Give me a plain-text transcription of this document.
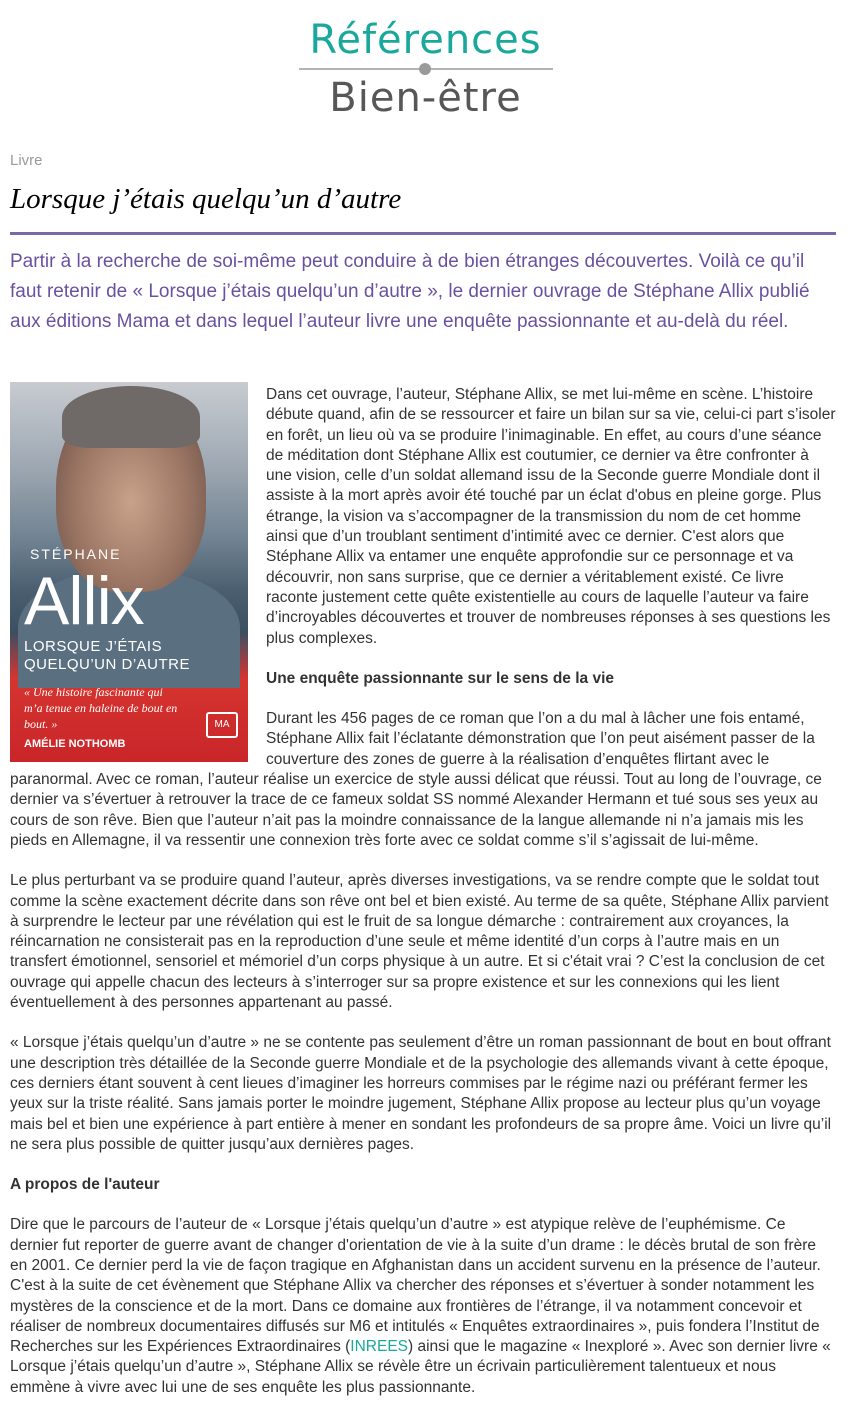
Références
Bien-être
Livre
Lorsque j’étais quelqu’un d’autre

Partir à la recherche de soi-même peut conduire à de bien étranges découvertes. Voilà ce qu’il faut retenir de « Lorsque j’étais quelqu’un d’autre », le dernier ouvrage de Stéphane Allix publié aux éditions Mama et dans lequel l’auteur livre une enquête passionnante et au-delà du réel.

STÉPHANE
Allix
LORSQUE J’ÉTAIS
QUELQU’UN D’AUTRE
« Une histoire fascinante qui m’a tenue en haleine de bout en bout. »
AMÉLIE NOTHOMB
MA

Dans cet ouvrage, l’auteur, Stéphane Allix, se met lui-même en scène. L’histoire débute quand, afin de se ressourcer et faire un bilan sur sa vie, celui-ci part s’isoler en forêt, un lieu où va se produire l’inimaginable. En effet, au cours d’une séance de méditation dont Stéphane Allix est coutumier, ce dernier va être confronter à une vision, celle d’un soldat allemand issu de la Seconde guerre Mondiale dont il assiste à la mort après avoir été touché par un éclat d'obus en pleine gorge. Plus étrange, la vision va s’accompagner de la transmission du nom de cet homme ainsi que d’un troublant sentiment d’intimité avec ce dernier. C'est alors que Stéphane Allix va entamer une enquête approfondie sur ce personnage et va découvrir, non sans surprise, que ce dernier a véritablement existé. Ce livre raconte justement cette quête existentielle au cours de laquelle l’auteur va faire d’incroyables découvertes et trouver de nombreuses réponses à ses questions les plus complexes.

Une enquête passionnante sur le sens de la vie

Durant les 456 pages de ce roman que l’on a du mal à lâcher une fois entamé, Stéphane Allix fait l’éclatante démonstration que l’on peut aisément passer de la couverture des zones de guerre à la réalisation d’enquêtes flirtant avec le paranormal. Avec ce roman, l’auteur réalise un exercice de style aussi délicat que réussi. Tout au long de l’ouvrage, ce dernier va s’évertuer à retrouver la trace de ce fameux soldat SS nommé Alexander Hermann et tué sous ses yeux au cours de son rêve. Bien que l’auteur n’ait pas la moindre connaissance de la langue allemande ni n’a jamais mis les pieds en Allemagne, il va ressentir une connexion très forte avec ce soldat comme s’il s’agissait de lui-même.

Le plus perturbant va se produire quand l’auteur, après diverses investigations, va se rendre compte que le soldat tout comme la scène exactement décrite dans son rêve ont bel et bien existé. Au terme de sa quête, Stéphane Allix parvient à surprendre le lecteur par une révélation qui est le fruit de sa longue démarche : contrairement aux croyances, la réincarnation ne consisterait pas en la reproduction d’une seule et même identité d’un corps à l’autre mais en un transfert émotionnel, sensoriel et mémoriel d’un corps physique à un autre. Et si c'était vrai ? C’est la conclusion de cet ouvrage qui appelle chacun des lecteurs à s’interroger sur sa propre existence et sur les connexions qui les lient éventuellement à des personnes appartenant au passé.

« Lorsque j’étais quelqu’un d’autre » ne se contente pas seulement d’être un roman passionnant de bout en bout offrant une description très détaillée de la Seconde guerre Mondiale et de la psychologie des allemands vivant à cette époque, ces derniers étant souvent à cent lieues d’imaginer les horreurs commises par le régime nazi ou préférant fermer les yeux sur la triste réalité. Sans jamais porter le moindre jugement, Stéphane Allix propose au lecteur plus qu’un voyage mais bel et bien une expérience à part entière à mener en sondant les profondeurs de sa propre âme. Voici un livre qu’il ne sera plus possible de quitter jusqu’aux dernières pages.

A propos de l'auteur

Dire que le parcours de l’auteur de « Lorsque j’étais quelqu’un d’autre » est atypique relève de l’euphémisme. Ce dernier fut reporter de guerre avant de changer d'orientation de vie à la suite d’un drame : le décès brutal de son frère en 2001. Ce dernier perd la vie de façon tragique en Afghanistan dans un accident survenu en la présence de l’auteur. C'est à la suite de cet évènement que Stéphane Allix va chercher des réponses et s’évertuer à sonder notamment les mystères de la conscience et de la mort. Dans ce domaine aux frontières de l’étrange, il va notamment concevoir et réaliser de nombreux documentaires diffusés sur M6 et intitulés « Enquêtes extraordinaires », puis fondera l’Institut de Recherches sur les Expériences Extraordinaires (INREES) ainsi que le magazine « Inexploré ». Avec son dernier livre « Lorsque j’étais quelqu’un d’autre », Stéphane Allix se révèle être un écrivain particulièrement talentueux et nous emmène à vivre avec lui une de ses enquête les plus passionnante.
